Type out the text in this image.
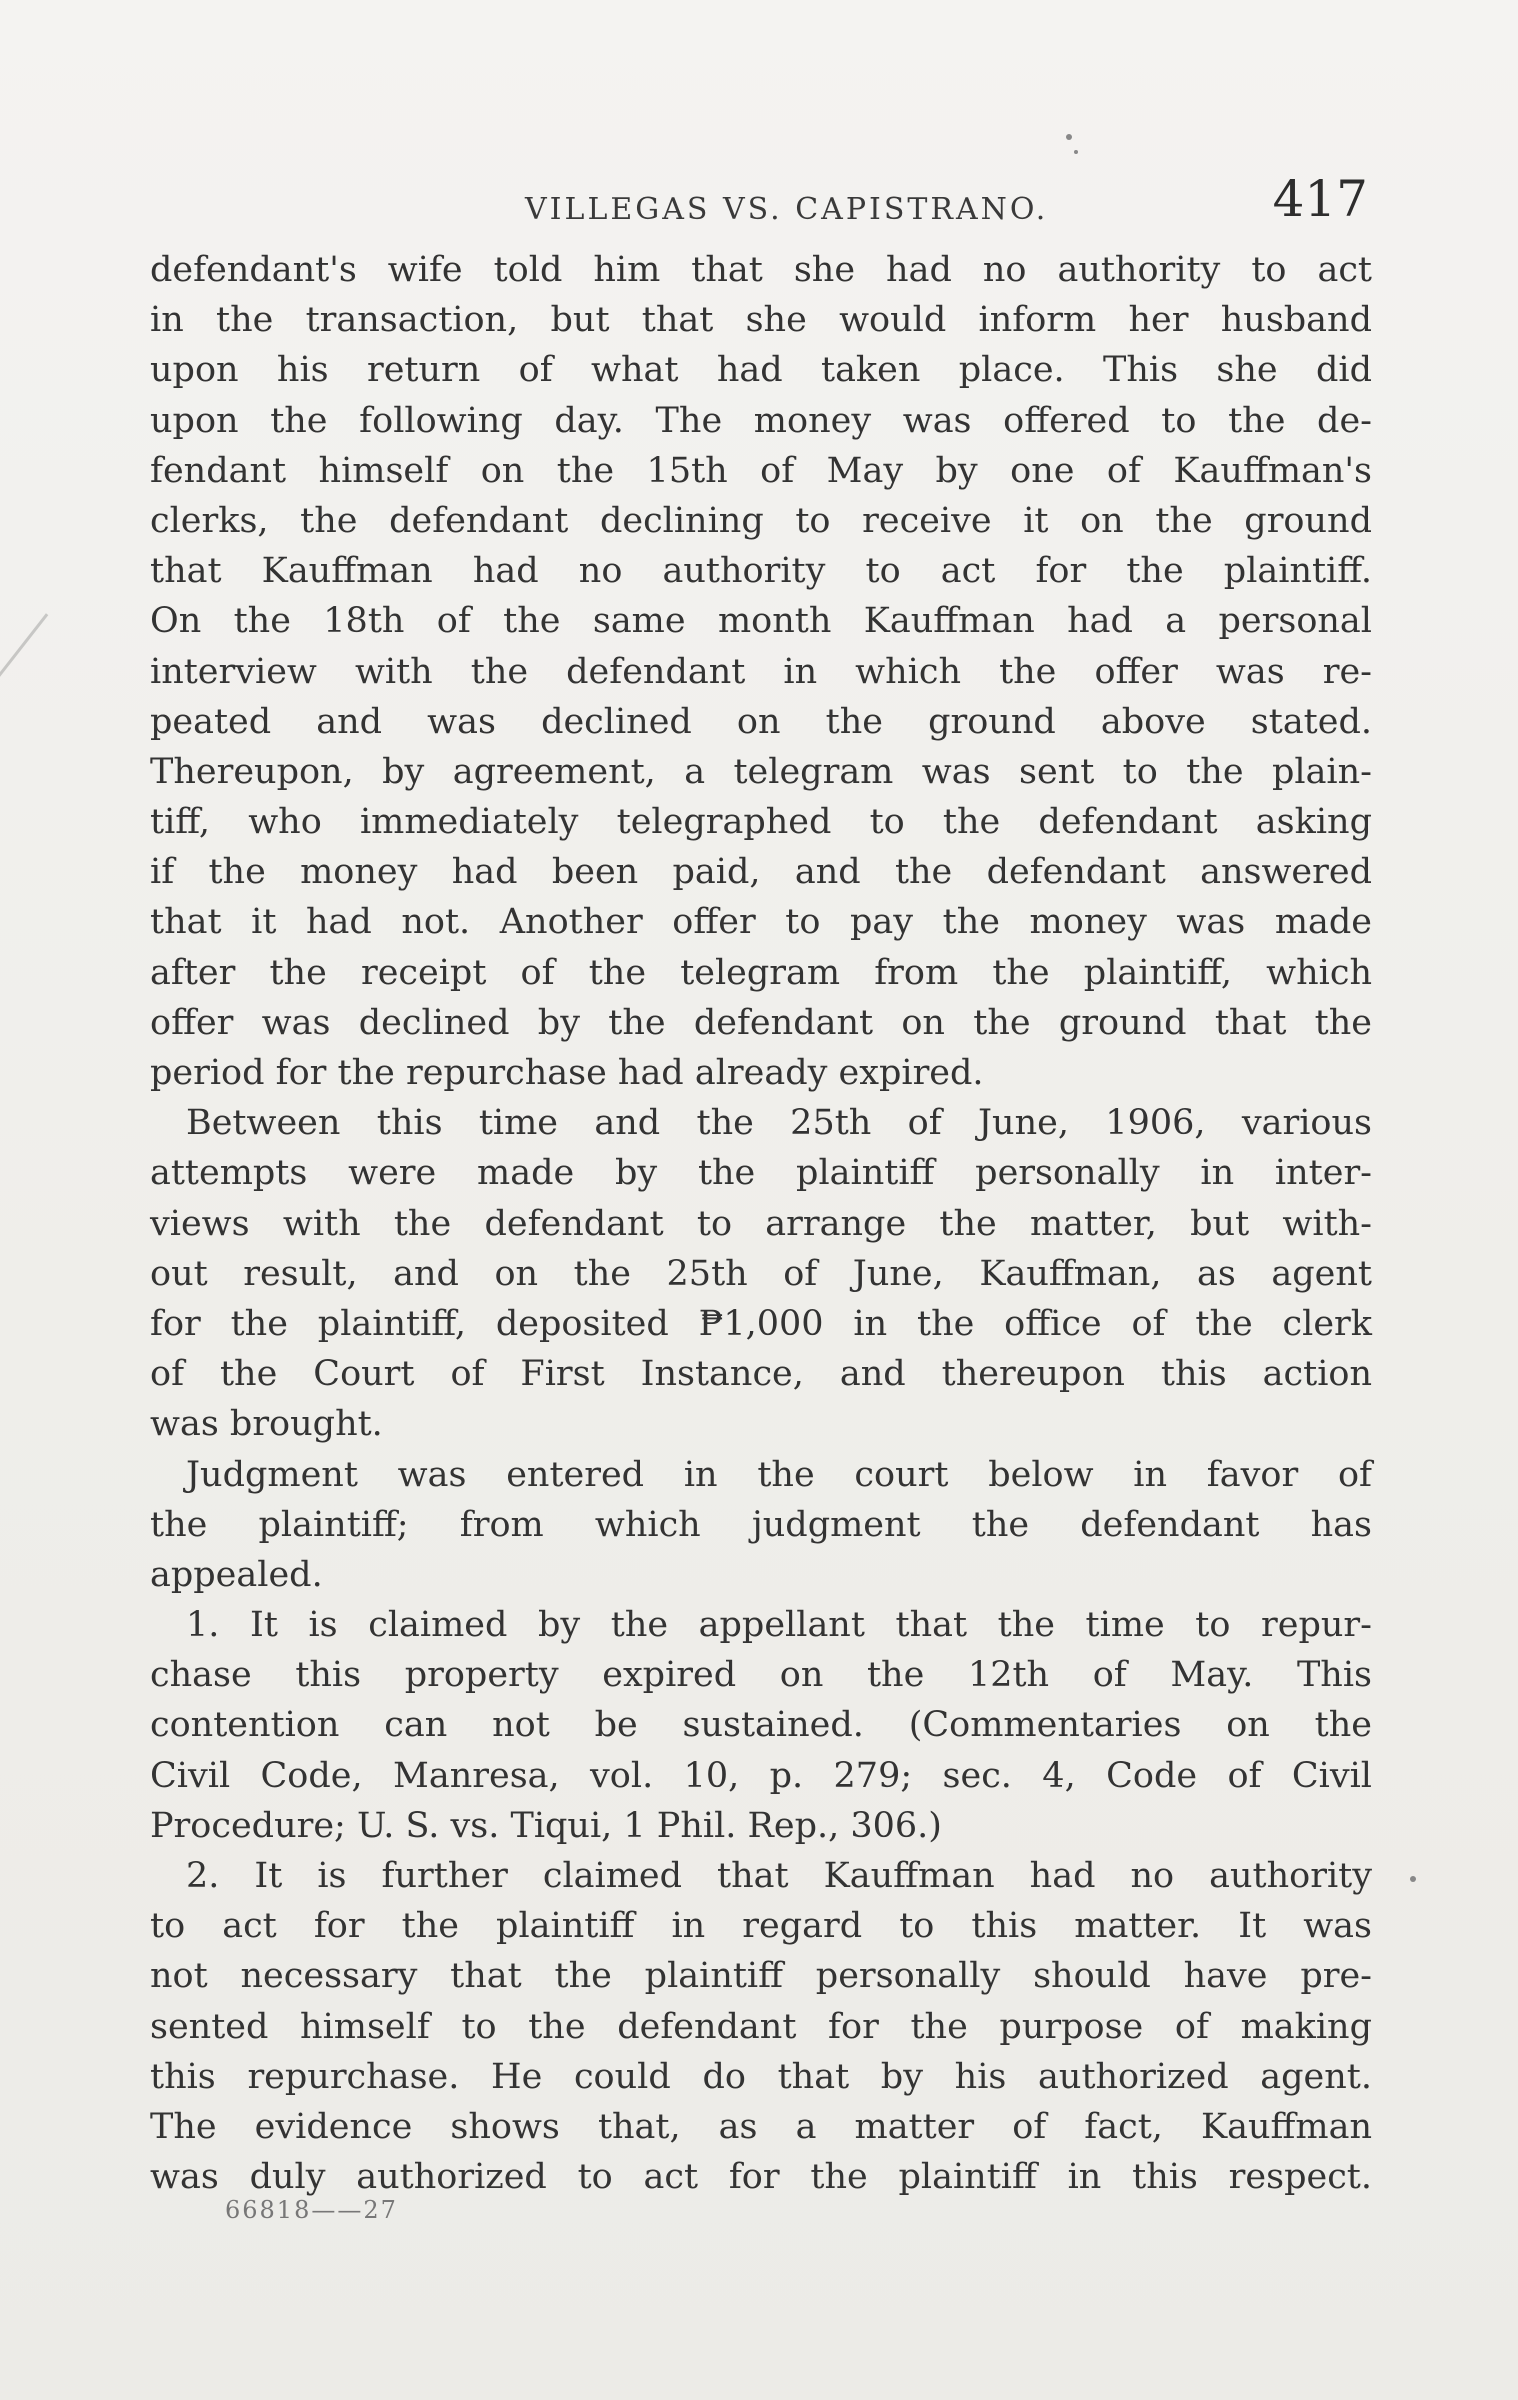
VILLEGAS VS. CAPISTRANO.	417
defendant's wife told him that she had no authority to act
in the transaction, but that she would inform her husband
upon his return of what had taken place. This she did
upon the following day. The money was offered to the de-
fendant himself on the 15th of May by one of Kauffman's
clerks, the defendant declining to receive it on the ground
that Kauffman had no authority to act for the plaintiff.
On the 18th of the same month Kauffman had a personal
interview with the defendant in which the offer was re-
peated and was declined on the ground above stated.
Thereupon, by agreement, a telegram was sent to the plain-
tiff, who immediately telegraphed to the defendant asking
if the money had been paid, and the defendant answered
that it had not. Another offer to pay the money was made
after the receipt of the telegram from the plaintiff, which
offer was declined by the defendant on the ground that the
period for the repurchase had already expired.
Between this time and the 25th of June, 1906, various
attempts were made by the plaintiff personally in inter-
views with the defendant to arrange the matter, but with-
out result, and on the 25th of June, Kauffman, as agent
for the plaintiff, deposited ₱1,000 in the office of the clerk
of the Court of First Instance, and thereupon this action
was brought.
Judgment was entered in the court below in favor of
the plaintiff; from which judgment the defendant has
appealed.
1. It is claimed by the appellant that the time to repur-
chase this property expired on the 12th of May. This
contention can not be sustained. (Commentaries on the
Civil Code, Manresa, vol. 10, p. 279; sec. 4, Code of Civil
Procedure; U. S. vs. Tiqui, 1 Phil. Rep., 306.)
2. It is further claimed that Kauffman had no authority
to act for the plaintiff in regard to this matter. It was
not necessary that the plaintiff personally should have pre-
sented himself to the defendant for the purpose of making
this repurchase. He could do that by his authorized agent.
The evidence shows that, as a matter of fact, Kauffman
was duly authorized to act for the plaintiff in this respect.
66818——27
